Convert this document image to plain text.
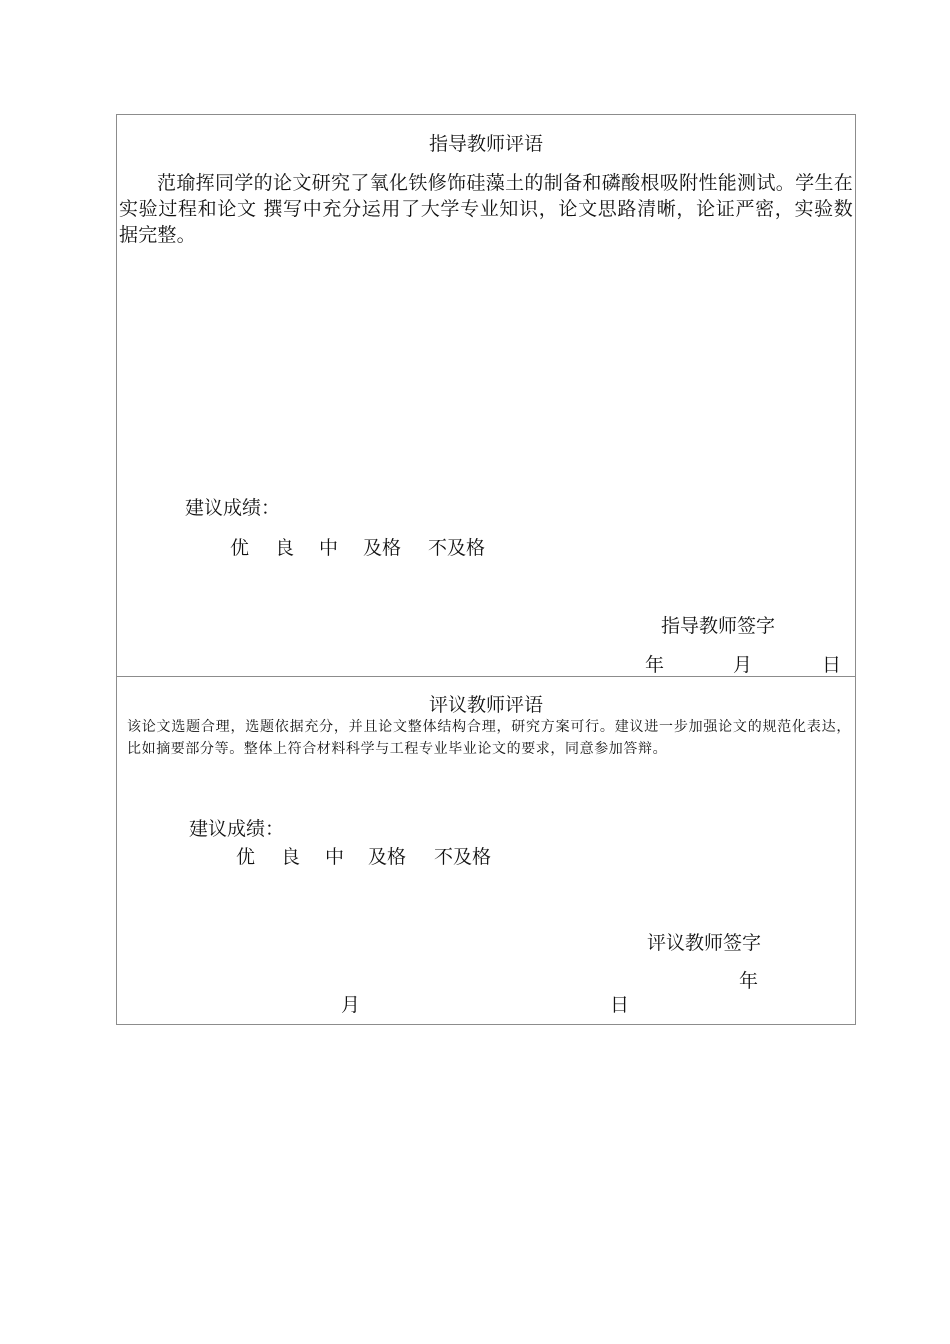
指导教师评语
范瑜挥同学的论文研究了氧化铁修饰硅藻土的制备和磷酸根吸附性能测试。学生在实验过程和论文 撰写中充分运用了大学专业知识，论文思路清晰，论证严密，实验数据完整。
建议成绩：
优 良 中 及格 不及格
指导教师签字
年	月	日
评议教师评语
该论文选题合理，选题依据充分，并且论文整体结构合理，研究方案可行。建议进一步加强论文的规范化表达，比如摘要部分等。整体上符合材料科学与工程专业毕业论文的要求，同意参加答辩。
建议成绩：
优 良 中 及格 不及格
评议教师签字
年
月	日
